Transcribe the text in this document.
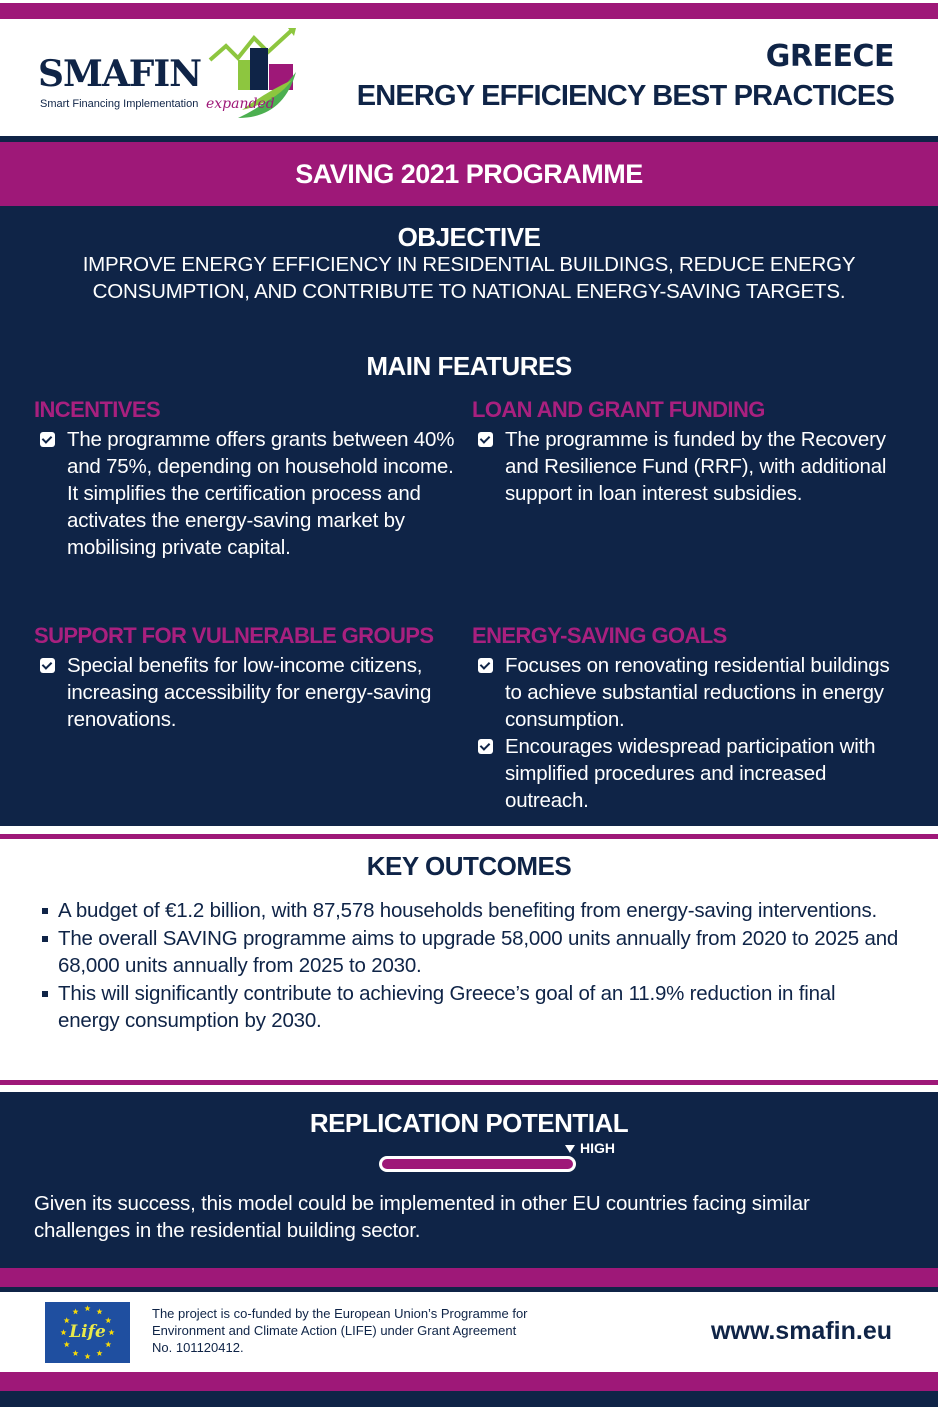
SMAFIN
expanded
Smart Financing Implementation
GREECE
ENERGY EFFICIENCY BEST PRACTICES
SAVING 2021 PROGRAMME
OBJECTIVE
IMPROVE ENERGY EFFICIENCY IN RESIDENTIAL BUILDINGS, REDUCE ENERGY CONSUMPTION, AND CONTRIBUTE TO NATIONAL ENERGY-SAVING TARGETS.
MAIN FEATURES
INCENTIVES
The programme offers grants between 40% and 75%, depending on household income. It simplifies the certification process and activates the energy-saving market by mobilising private capital.
LOAN AND GRANT FUNDING
The programme is funded by the Recovery and Resilience Fund (RRF), with additional support in loan interest subsidies.
SUPPORT FOR VULNERABLE GROUPS
Special benefits for low-income citizens, increasing accessibility for energy-saving renovations.
ENERGY-SAVING GOALS
Focuses on renovating residential buildings to achieve substantial reductions in energy consumption.
Encourages widespread participation with simplified procedures and increased outreach.
KEY OUTCOMES
A budget of €1.2 billion, with 87,578 households benefiting from energy-saving interventions.
The overall SAVING programme aims to upgrade 58,000 units annually from 2020 to 2025 and 68,000 units annually from 2025 to 2030.
This will significantly contribute to achieving Greece’s goal of an 11.9% reduction in final energy consumption by 2030.
REPLICATION POTENTIAL
HIGH
Given its success, this model could be implemented in other EU countries facing similar challenges in the residential building sector.
Life
The project is co-funded by the European Union’s Programme for Environment and Climate Action (LIFE) under Grant Agreement No. 101120412.
www.smafin.eu
